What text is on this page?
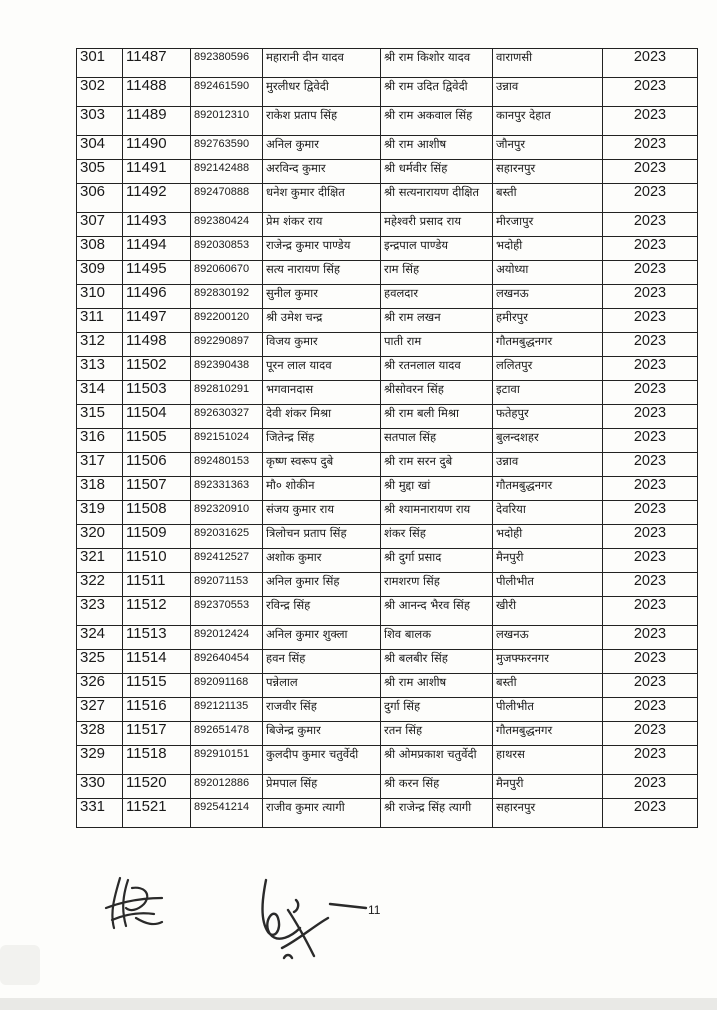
301	11487	892380596	महारानी दीन यादव	श्री राम किशोर यादव	वाराणसी	2023
302	11488	892461590	मुरलीधर द्विवेदी	श्री राम उदित द्विवेदी	उन्नाव	2023
303	11489	892012310	राकेश प्रताप सिंह	श्री राम अकवाल सिंह	कानपुर देहात	2023
304	11490	892763590	अनिल कुमार	श्री राम आशीष	जौनपुर	2023
305	11491	892142488	अरविन्द कुमार	श्री धर्मवीर सिंह	सहारनपुर	2023
306	11492	892470888	धनेश कुमार दीक्षित	श्री सत्यनारायण दीक्षित	बस्ती	2023
307	11493	892380424	प्रेम शंकर राय	महेश्वरी प्रसाद राय	मीरजापुर	2023
308	11494	892030853	राजेन्द्र कुमार पाण्डेय	इन्द्रपाल पाण्डेय	भदोही	2023
309	11495	892060670	सत्य नारायण सिंह	राम सिंह	अयोध्या	2023
310	11496	892830192	सुनील कुमार	हवलदार	लखनऊ	2023
311	11497	892200120	श्री उमेश चन्द्र	श्री राम लखन	हमीरपुर	2023
312	11498	892290897	विजय कुमार	पाती राम	गौतमबुद्धनगर	2023
313	11502	892390438	पूरन लाल यादव	श्री रतनलाल यादव	ललितपुर	2023
314	11503	892810291	भगवानदास	श्रीसोवरन सिंह	इटावा	2023
315	11504	892630327	देवी शंकर मिश्रा	श्री राम बली मिश्रा	फतेहपुर	2023
316	11505	892151024	जितेन्द्र सिंह	सतपाल सिंह	बुलन्दशहर	2023
317	11506	892480153	कृष्ण स्वरूप दुबे	श्री राम सरन दुबे	उन्नाव	2023
318	11507	892331363	मौ० शोकीन	श्री मुद्दा खां	गौतमबुद्धनगर	2023
319	11508	892320910	संजय कुमार राय	श्री श्यामनारायण राय	देवरिया	2023
320	11509	892031625	त्रिलोचन प्रताप सिंह	शंकर सिंह	भदोही	2023
321	11510	892412527	अशोक कुमार	श्री दुर्गा प्रसाद	मैनपुरी	2023
322	11511	892071153	अनिल कुमार सिंह	रामशरण सिंह	पीलीभीत	2023
323	11512	892370553	रविन्द्र सिंह	श्री आनन्द भैरव सिंह	खीरी	2023
324	11513	892012424	अनिल कुमार शुक्ला	शिव बालक	लखनऊ	2023
325	11514	892640454	हवन सिंह	श्री बलबीर सिंह	मुजफ्फरनगर	2023
326	11515	892091168	पन्नेलाल	श्री राम आशीष	बस्ती	2023
327	11516	892121135	राजवीर सिंह	दुर्गा सिंह	पीलीभीत	2023
328	11517	892651478	बिजेन्द्र कुमार	रतन सिंह	गौतमबुद्धनगर	2023
329	11518	892910151	कुलदीप कुमार चतुर्वेदी	श्री ओमप्रकाश चतुर्वेदी	हाथरस	2023
330	11520	892012886	प्रेमपाल सिंह	श्री करन सिंह	मैनपुरी	2023
331	11521	892541214	राजीव कुमार त्यागी	श्री राजेन्द्र सिंह त्यागी	सहारनपुर	2023
11
